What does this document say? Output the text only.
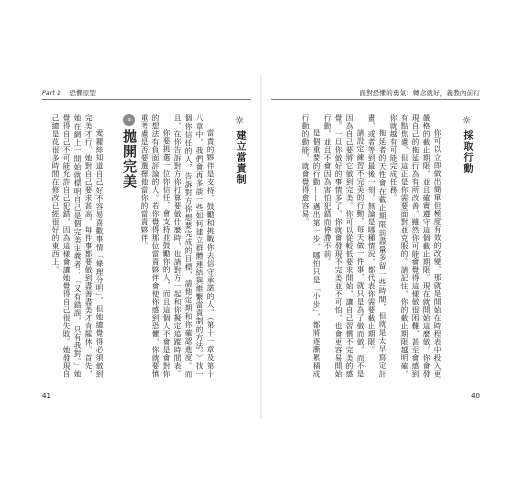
Part 1 恐懼原型
☼建立當責制

當責的夥伴是支持、鼓勵和挑戰你去信守承諾的人。（第十一章及第十八章中，我們會再多談一些如何建立群體連結與維繫當責制的方法。）找一個你信任的人，告訴對方你想要完成的目標，請他定期和你確認進度。而且，在你告訴對方你打算要做什麼時，也請對方一起和你擬定追蹤時間表。

你要挑選一位你信任、會支持並鼓勵你的人，而且這個人不會是會對你的想法有負面評論的人。若你覺得那位當責夥伴會使你感到恐懼，你就要慎重考慮是否要選擇他當你的當責夥伴。

»拋開完美

愛麗絲知道自己好不容易喜歡事情「條理分明」，但她總覺得必須做到完美才行。她對自己要求甚高，每件事都要做到盡善盡美才肯罷休。首先，她在網上一開始就標明自己是個完美主義者：「又有錯誤，只有我對。」她覺得自己不可能允許自己犯錯，因為這樣會讓她覺得自己很失敗。她發現自己總是花很多時間在修改已經很好的東西上。

41
面對恐懼的勇氣：轉念就好，義教內前行
☼採取行動

你可以立即做出簡單但極度有效的改變，那就是開始在時程表中投入更嚴格的截止期限，並且確實遵守這個截止期限。現在就開始這麼做，你會發現自己的拖延行為有所改善。雖然你可能會覺得這樣做很困難，甚至會感到有點焦慮，但這正是你需要面對並克服的。請記住，你的截止期限越明確，你就越有可能完成任務。

拖延者的天性會在截止期限前盡量多留一些時間，但就是太早寫定計畫，或者等到最後一刻，無論是哪種情況，都代表你需要截止期限。

請設定練習不完美的行動，每天做一件事，就只是為了做而做，而不是因為自己要將它做到完美。你可以從較低要求開始，讓自己習慣不完美的感覺。一旦你做好的事情多了，你就會發現不完美並不可怕，也會更容易開始行動，並且不會因為害怕犯錯而停滯不前。

是個重要的行動——邁出第一步，哪怕只是「小步」，都將逐漸累積成行動的動能，就會覺得愈容易。

40
